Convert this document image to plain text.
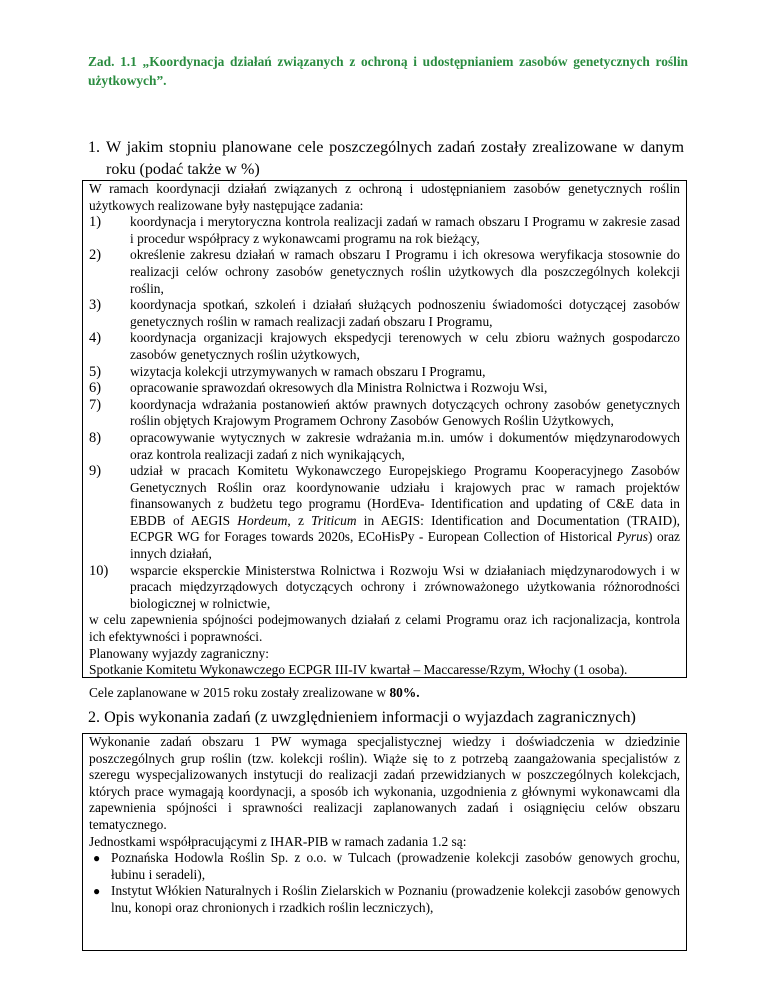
Zad. 1.1 „Koordynacja działań związanych z ochroną i udostępnianiem zasobów genetycznych roślin użytkowych”.
1. W jakim stopniu planowane cele poszczególnych zadań zostały zrealizowane w danym roku (podać także w %)

W ramach koordynacji działań związanych z ochroną i udostępnianiem zasobów genetycznych roślin użytkowych realizowane były następujące zadania:

1)	koordynacja i merytoryczna kontrola realizacji zadań w ramach obszaru I Programu w zakresie zasad i procedur współpracy z wykonawcami programu na rok bieżący,
2)	określenie zakresu działań w ramach obszaru I Programu i ich okresowa weryfikacja stosownie do realizacji celów ochrony zasobów genetycznych roślin użytkowych dla poszczególnych kolekcji roślin,
3)	koordynacja spotkań, szkoleń i działań służących podnoszeniu świadomości dotyczącej zasobów genetycznych roślin w ramach realizacji zadań obszaru I Programu,
4)	koordynacja organizacji krajowych ekspedycji terenowych w celu zbioru ważnych gospodarczo zasobów genetycznych roślin użytkowych,
5)	wizytacja kolekcji utrzymywanych w ramach obszaru I Programu,
6)	opracowanie sprawozdań okresowych dla Ministra Rolnictwa i Rozwoju Wsi,
7)	koordynacja wdrażania postanowień aktów prawnych dotyczących ochrony zasobów genetycznych roślin objętych Krajowym Programem Ochrony Zasobów Genowych Roślin Użytkowych,
8)	opracowywanie wytycznych w zakresie wdrażania m.in. umów i dokumentów międzynarodowych oraz kontrola realizacji zadań z nich wynikających,
9)	udział w pracach Komitetu Wykonawczego Europejskiego Programu Kooperacyjnego Zasobów Genetycznych Roślin oraz koordynowanie udziału i krajowych prac w ramach projektów finansowanych z budżetu tego programu (HordEva- Identification and updating of C&E data in EBDB of AEGIS Hordeum, z Triticum in AEGIS: Identification and Documentation (TRAID), ECPGR WG for Forages towards 2020s, ECoHisPy - European Collection of Historical Pyrus) oraz innych działań,
10)	wsparcie eksperckie Ministerstwa Rolnictwa i Rozwoju Wsi w działaniach międzynarodowych i w pracach międzyrządowych dotyczących ochrony i zrównoważonego użytkowania różnorodności biologicznej w rolnictwie,

w celu zapewnienia spójności podejmowanych działań z celami Programu oraz ich racjonalizacja, kontrola ich efektywności i poprawności.

Planowany wyjazdy zagraniczny:

Spotkanie Komitetu Wykonawczego ECPGR III-IV kwartał – Maccaresse/Rzym, Włochy (1 osoba).

Cele zaplanowane w 2015 roku zostały zrealizowane w 80%.

2. Opis wykonania zadań (z uwzględnieniem informacji o wyjazdach zagranicznych)

Wykonanie zadań obszaru 1 PW wymaga specjalistycznej wiedzy i doświadczenia w dziedzinie poszczególnych grup roślin (tzw. kolekcji roślin). Wiąże się to z potrzebą zaangażowania specjalistów z szeregu wyspecjalizowanych instytucji do realizacji zadań przewidzianych w poszczególnych kolekcjach, których prace wymagają koordynacji, a sposób ich wykonania, uzgodnienia z głównymi wykonawcami dla zapewnienia spójności i sprawności realizacji zaplanowanych zadań i osiągnięciu celów obszaru tematycznego.

Jednostkami współpracującymi z IHAR-PIB w ramach zadania 1.2 są:

● Poznańska Hodowla Roślin Sp. z o.o. w Tulcach (prowadzenie kolekcji zasobów genowych grochu, łubinu i seradeli),
● Instytut Włókien Naturalnych i Roślin Zielarskich w Poznaniu (prowadzenie kolekcji zasobów genowych lnu, konopi oraz chronionych i rzadkich roślin leczniczych),
